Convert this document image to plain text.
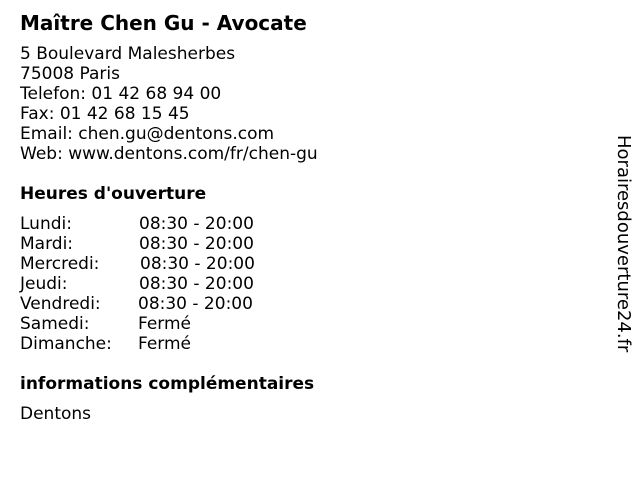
Maître Chen Gu - Avocate
5 Boulevard Malesherbes
75008 Paris
Telefon: 01 42 68 94 00
Fax: 01 42 68 15 45
Email: chen.gu@dentons.com
Web: www.dentons.com/fr/chen-gu
Heures d'ouverture
Lundi:	08:30 - 20:00
Mardi:	08:30 - 20:00
Mercredi: 08:30 - 20:00
Jeudi:	08:30 - 20:00
Vendredi: 08:30 - 20:00
Samedi:	Fermé
Dimanche: Fermé
informations complémentaires
Dentons
Horairesdouverture24.fr
